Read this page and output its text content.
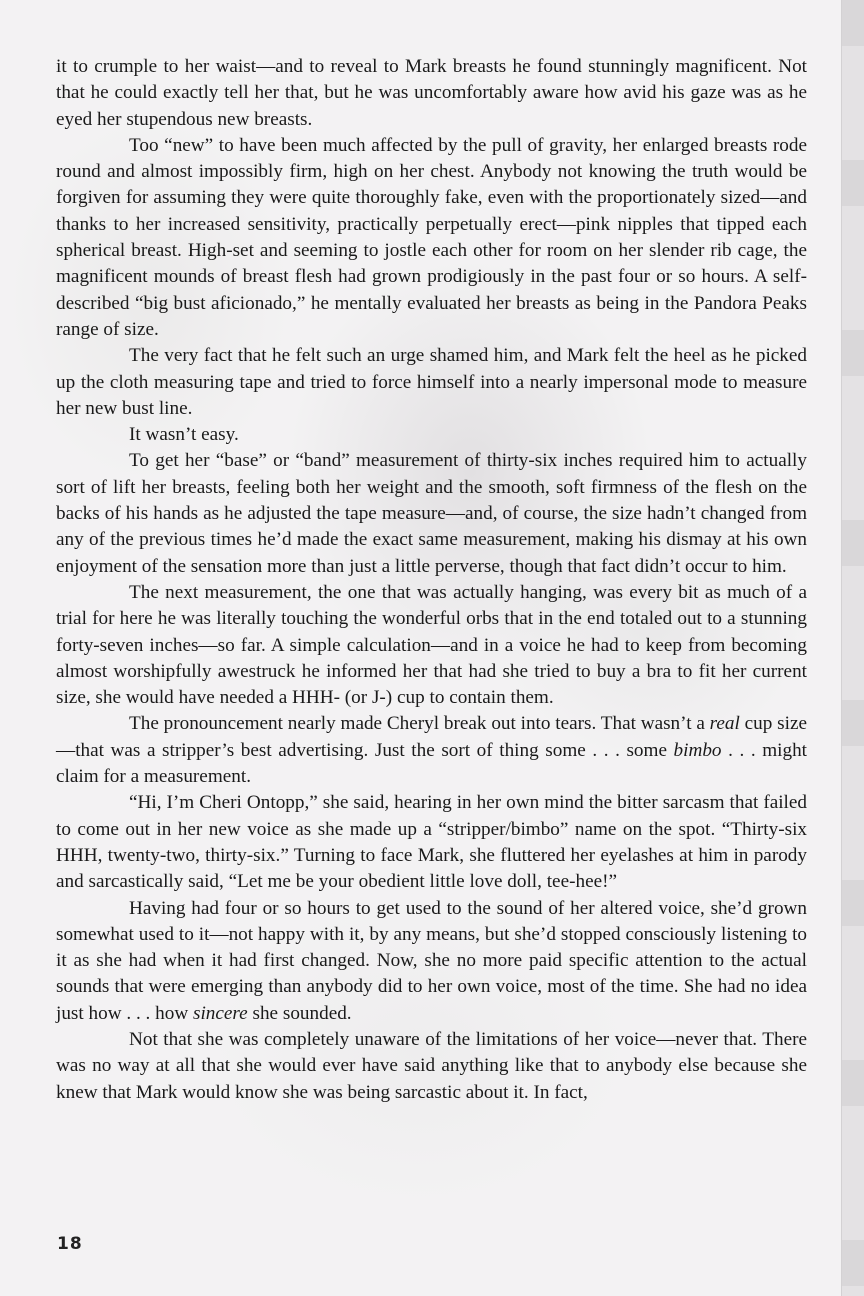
it to crumple to her waist—and to reveal to Mark breasts he found stunningly magnificent. Not that he could exactly tell her that, but he was uncomfortably aware how avid his gaze was as he eyed her stupendous new breasts.

Too “new” to have been much affected by the pull of gravity, her enlarged breasts rode round and almost impossibly firm, high on her chest. Anybody not knowing the truth would be forgiven for assuming they were quite thoroughly fake, even with the proportionately sized—and thanks to her increased sensitivity, practically perpetually erect—pink nipples that tipped each spherical breast. High-set and seeming to jostle each other for room on her slender rib cage, the magnificent mounds of breast flesh had grown prodigiously in the past four or so hours. A self-described “big bust aficionado,” he mentally evaluated her breasts as being in the Pandora Peaks range of size.

The very fact that he felt such an urge shamed him, and Mark felt the heel as he picked up the cloth measuring tape and tried to force himself into a nearly impersonal mode to measure her new bust line.

It wasn’t easy.

To get her “base” or “band” measurement of thirty-six inches required him to actually sort of lift her breasts, feeling both her weight and the smooth, soft firmness of the flesh on the backs of his hands as he adjusted the tape measure—and, of course, the size hadn’t changed from any of the previous times he’d made the exact same measurement, making his dismay at his own enjoyment of the sensation more than just a little perverse, though that fact didn’t occur to him.

The next measurement, the one that was actually hanging, was every bit as much of a trial for here he was literally touching the wonderful orbs that in the end totaled out to a stunning forty-seven inches—so far. A simple calculation—and in a voice he had to keep from becoming almost worshipfully awestruck he informed her that had she tried to buy a bra to fit her current size, she would have needed a HHH- (or J-) cup to contain them.

The pronouncement nearly made Cheryl break out into tears. That wasn’t a real cup size—that was a stripper’s best advertising. Just the sort of thing some . . . some bimbo . . . might claim for a measurement.

“Hi, I’m Cheri Ontopp,” she said, hearing in her own mind the bitter sarcasm that failed to come out in her new voice as she made up a “stripper/bimbo” name on the spot. “Thirty-six HHH, twenty-two, thirty-six.” Turning to face Mark, she fluttered her eyelashes at him in parody and sarcastically said, “Let me be your obedient little love doll, tee-hee!”

Having had four or so hours to get used to the sound of her altered voice, she’d grown somewhat used to it—not happy with it, by any means, but she’d stopped consciously listening to it as she had when it had first changed. Now, she no more paid specific attention to the actual sounds that were emerging than anybody did to her own voice, most of the time. She had no idea just how . . . how sincere she sounded.

Not that she was completely unaware of the limitations of her voice—never that. There was no way at all that she would ever have said anything like that to anybody else because she knew that Mark would know she was being sarcastic about it. In fact,

18
